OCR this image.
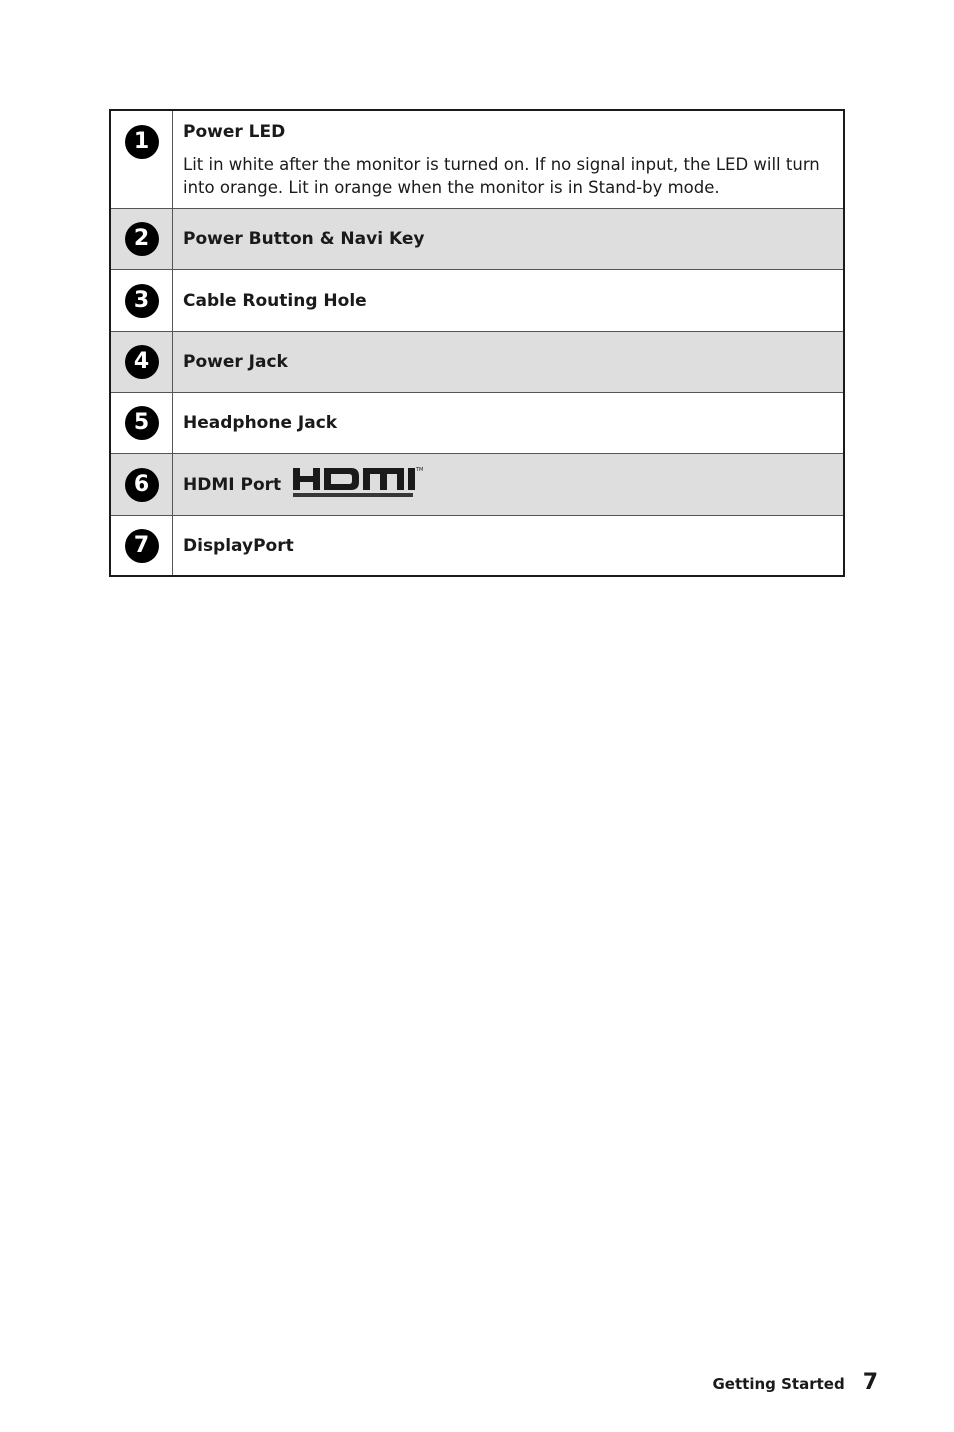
1	Power LED
Lit in white after the monitor is turned on. If no signal input, the LED will turn into orange. Lit in orange when the monitor is in Stand-by mode.
2	Power Button & Navi Key
3	Cable Routing Hole
4	Power Jack
5	Headphone Jack
6	HDMI Port
TM
7	DisplayPort
Getting Started 7
